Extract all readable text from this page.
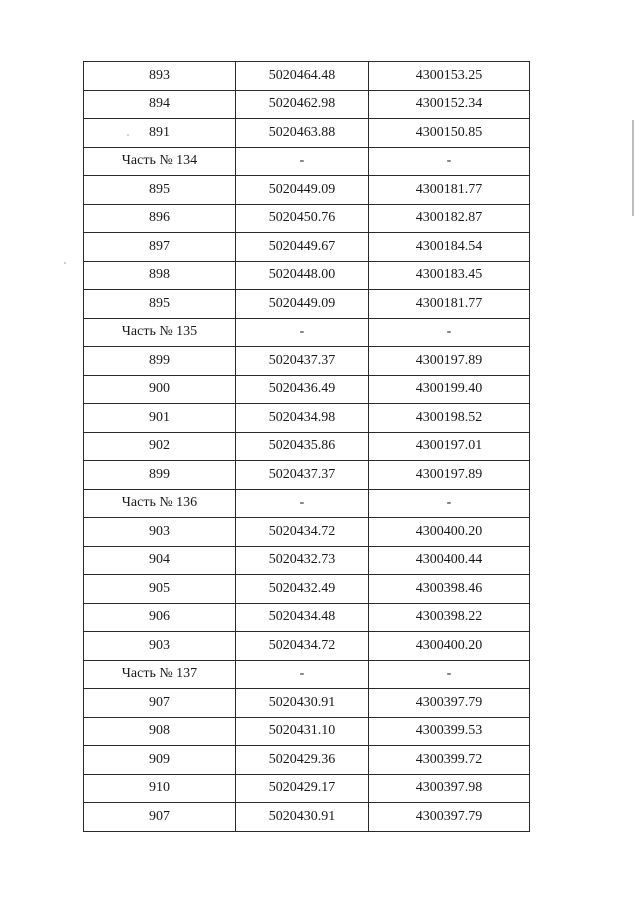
893	5020464.48	4300153.25
894	5020462.98	4300152.34
891	5020463.88	4300150.85
Часть № 134	-	-
895	5020449.09	4300181.77
896	5020450.76	4300182.87
897	5020449.67	4300184.54
898	5020448.00	4300183.45
895	5020449.09	4300181.77
Часть № 135	-	-
899	5020437.37	4300197.89
900	5020436.49	4300199.40
901	5020434.98	4300198.52
902	5020435.86	4300197.01
899	5020437.37	4300197.89
Часть № 136	-	-
903	5020434.72	4300400.20
904	5020432.73	4300400.44
905	5020432.49	4300398.46
906	5020434.48	4300398.22
903	5020434.72	4300400.20
Часть № 137	-	-
907	5020430.91	4300397.79
908	5020431.10	4300399.53
909	5020429.36	4300399.72
910	5020429.17	4300397.98
907	5020430.91	4300397.79
